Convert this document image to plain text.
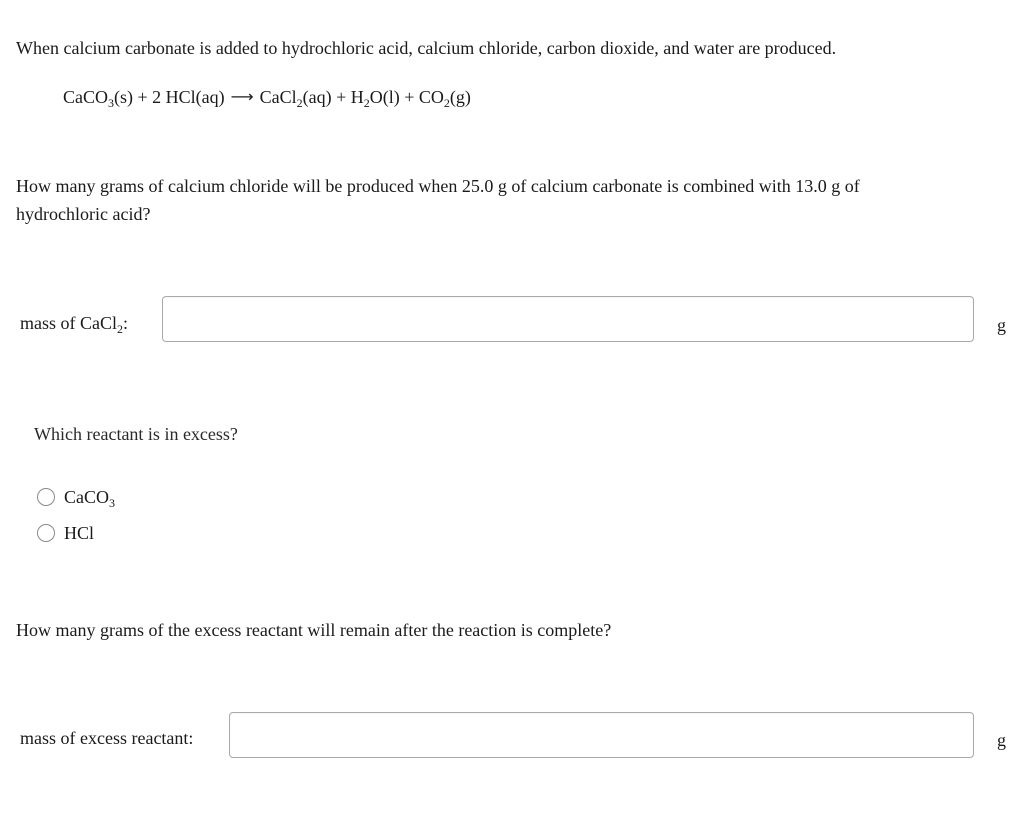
When calcium carbonate is added to hydrochloric acid, calcium chloride, carbon dioxide, and water are produced.
CaCO$_3$(s) + 2 HCl(aq) ⟶ CaCl$_2$(aq) + $H_2O(l) + CO_2(g)$
How many grams of calcium chloride will be produced when 25.0 g of calcium carbonate is combined with 13.0 g of hydrochloric acid?
mass of CaCl$_2$:	g
Which reactant is in excess?
CaCO$_3$
HCl
How many grams of the excess reactant will remain after the reaction is complete?
mass of excess reactant:	g
